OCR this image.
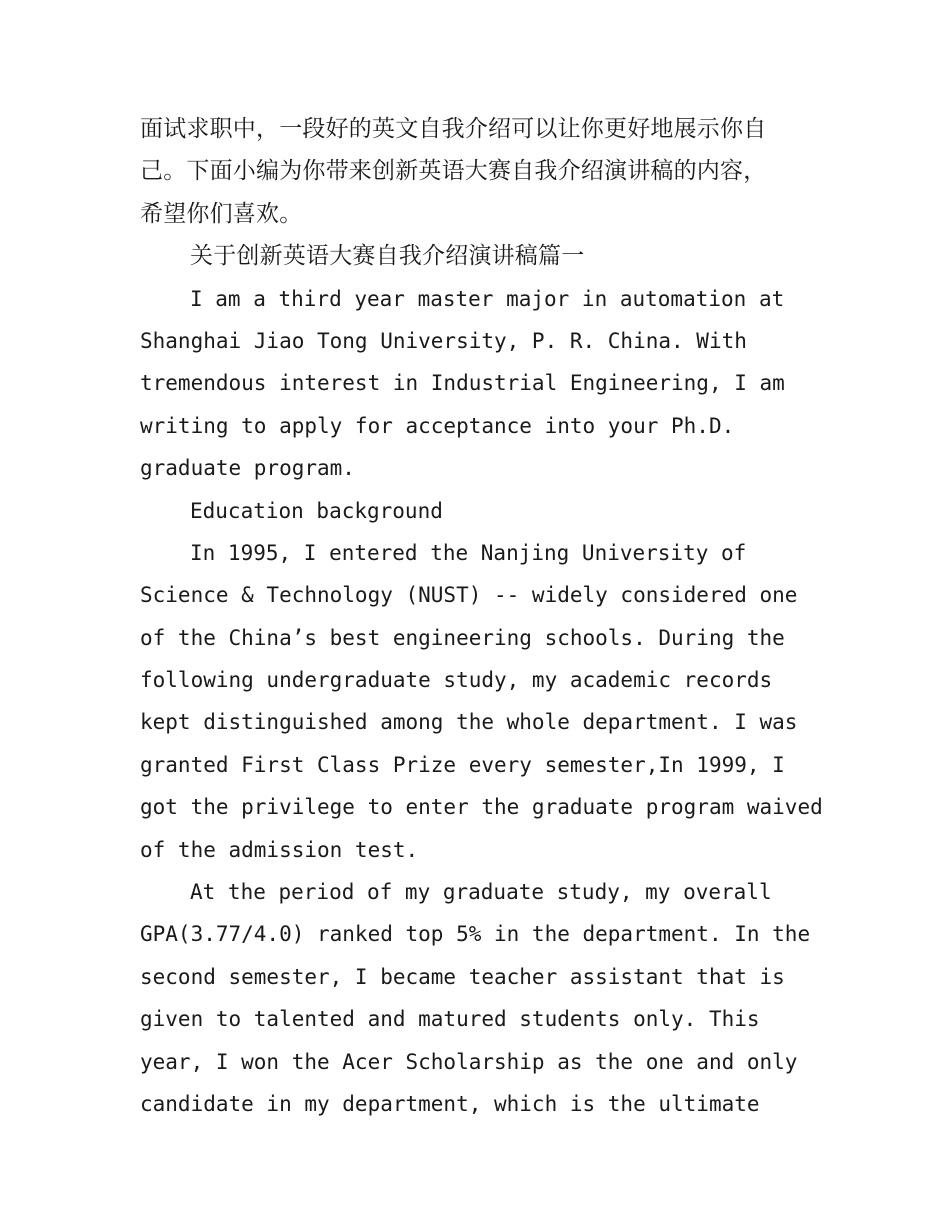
面试求职中，一段好的英文自我介绍可以让你更好地展示你自
己。下面小编为你带来创新英语大赛自我介绍演讲稿的内容，
希望你们喜欢。
关于创新英语大赛自我介绍演讲稿篇一
I am a third year master major in automation at
Shanghai Jiao Tong University, P. R. China. With
tremendous interest in Industrial Engineering, I am
writing to apply for acceptance into your Ph.D.
graduate program.
Education background
In 1995, I entered the Nanjing University of
Science & Technology (NUST) -- widely considered one
of the China’s best engineering schools. During the
following undergraduate study, my academic records
kept distinguished among the whole department. I was
granted First Class Prize every semester,In 1999, I
got the privilege to enter the graduate program waived
of the admission test.
At the period of my graduate study, my overall
GPA(3.77/4.0) ranked top 5% in the department. In the
second semester, I became teacher assistant that is
given to talented and matured students only. This
year, I won the Acer Scholarship as the one and only
candidate in my department, which is the ultimate
